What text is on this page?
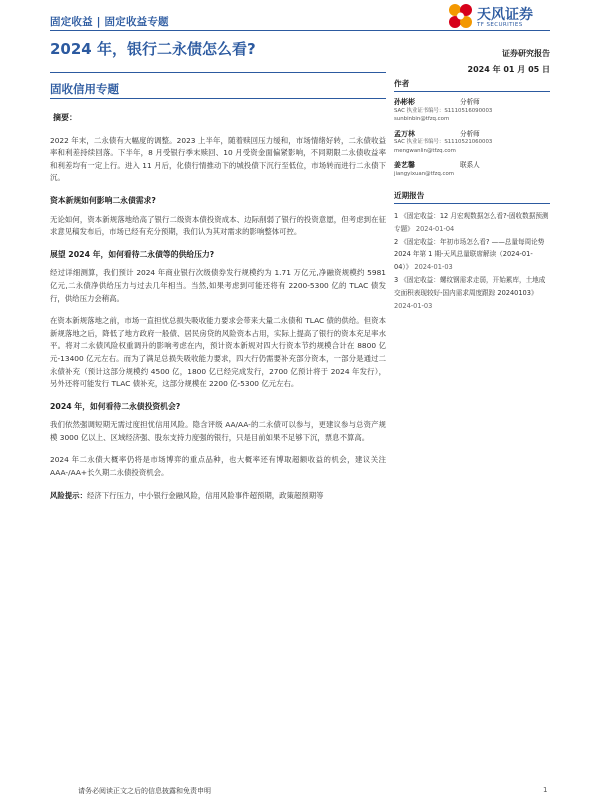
固定收益 | 固定收益专题	天风证券
TF SECURITIES
2024 年，银行二永债怎么看?	证券研究报告
2024 年 01 月 05 日
固收信用专题
摘要：

2022 年末，二永债有大幅度的调整。2023 上半年，随着赎回压力缓和，市场情绪好转，二永债收益率和利差持续回落。下半年，8 月受银行季末赎回、10 月受资金面偏紧影响，不同期限二永债收益率和利差均有一定上行。进入 11 月后，化债行情推动下的城投债下沉行至低位，市场转而进行二永债下沉。

资本新规如何影响二永债需求?

无论如何，资本新规落地给高了银行二级资本债投资成本、边际削弱了银行的投资意愿，但考虑到在征求意见稿发布后，市场已经有充分预期，我们认为其对需求的影响整体可控。

展望 2024 年，如何看待二永债等的供给压力?

经过详细测算，我们预计 2024 年商业银行次级债券发行规模约为 1.71 万亿元,净融资规模约 5981 亿元,二永债净供给压力与过去几年相当。当然,如果考虑到可能还将有 2200-5300 亿的 TLAC 债发行，供给压力会稍高。

在资本新规落地之前，市场一直担忧总损失吸收能力要求会带来大量二永债和 TLAC 债的供给。但资本新规落地之后，降低了地方政府一般债、居民房贷的风险资本占用，实际上提高了银行的资本充足率水平。将对二永债风险权重调升的影响考虑在内，预计资本新规对四大行资本节约规模合计在 8800 亿元-13400 亿元左右。而为了满足总损失吸收能力要求，四大行仍需要补充部分资本，一部分是通过二永债补充（预计这部分规模约 4500 亿，1800 亿已经完成发行，2700 亿预计将于 2024 年发行），另外还将可能发行 TLAC 债补充，这部分规模在 2200 亿-5300 亿元左右。

2024 年，如何看待二永债投资机会?

我们依然强调短期无需过度担忧信用风险。隐含评级 AA/AA-的二永债可以参与，更建议参与总资产规模 3000 亿以上、区域经济强、股东支持力度强的银行，只是目前如果不足够下沉，票息不算高。

2024 年二永债大概率仍将是市场博弈的重点品种，也大概率还有博取超额收益的机会，建议关注 AAA-/AA+长久期二永债投资机会。

风险提示：经济下行压力，中小银行金融风险，信用风险事件超预期，政策超预期等

作者
孙彬彬	分析师
SAC 执业证书编号：S1110516090003
sunbinbin@tfzq.com
孟万林	分析师
SAC 执业证书编号：S1110521060003
mengwanlin@tfzq.com
姜艺馨	联系人
jiangyixuan@tfzq.com
近期报告
1 《固定收益：12 月宏观数据怎么看?-固收数据预测专题》 2024-01-04
2 《固定收益：年初市场怎么看? ——总量每周论势 2024 年第 1 期-天风总量联席解读（2024-01-04）》 2024-01-03
3 《固定收益：螺纹钢需求走弱，开始累库，土地成交面积表现较好-国内需求周度跟踪 20240103》 2024-01-03
请务必阅读正文之后的信息披露和免责申明	1
